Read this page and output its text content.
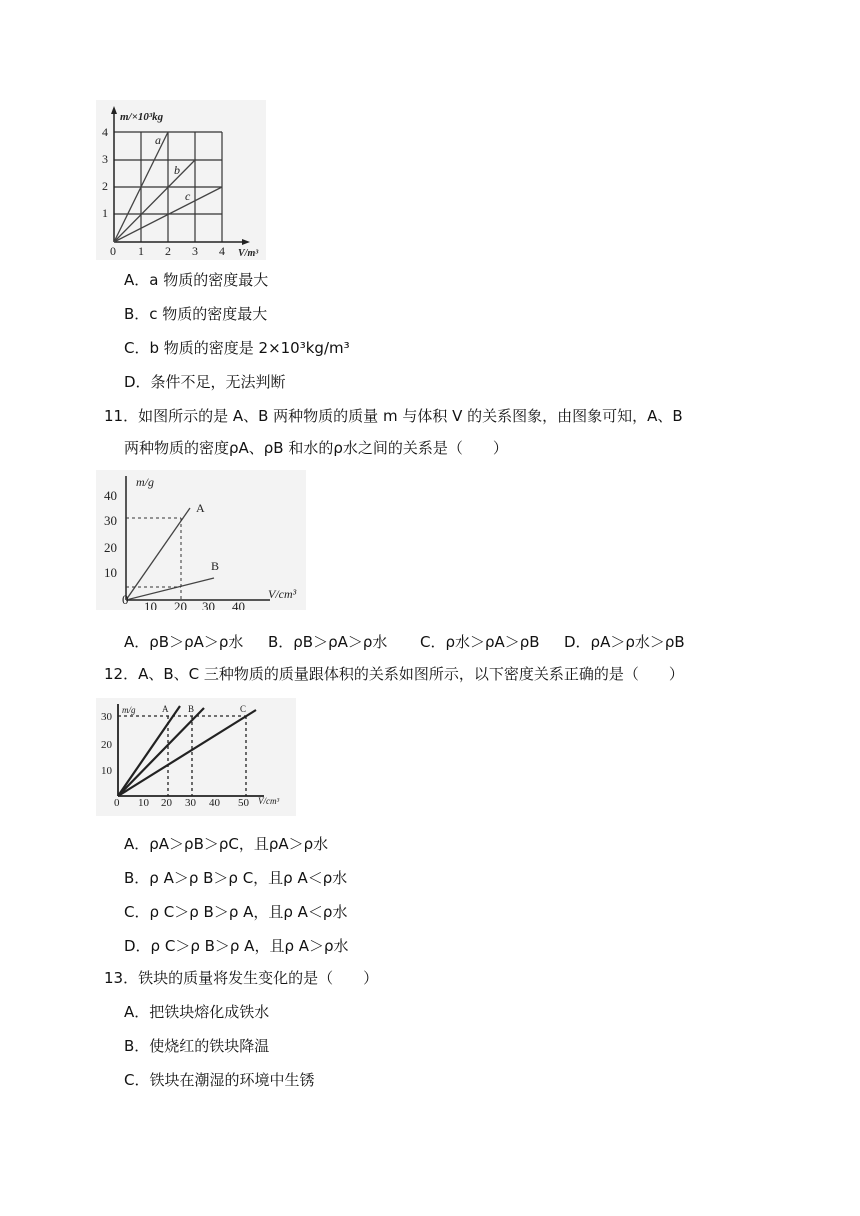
m/×10³kg
4
3
2
1
0 1 2 3 4 V/m³
a
b
c
A．a 物质的密度最大
B．c 物质的密度最大
C．b 物质的密度是 2×10³kg/m³
D．条件不足，无法判断
11．如图所示的是 A、B 两种物质的质量 m 与体积 V 的关系图象，由图象可知，A、B
两种物质的密度ρA、ρB 和水的ρ水之间的关系是（　　）
m/g
40
30
20
10
0 10 20 30 40
V/cm³
A
B
A．ρB＞ρA＞ρ水 B．ρB＞ρA＞ρ水 C．ρ水＞ρA＞ρB D．ρA＞ρ水＞ρB
12．A、B、C 三种物质的质量跟体积的关系如图所示，以下密度关系正确的是（　　）
m/g
30
20
10
0 10 20 30 40 50 V/cm³
A B	C
A．ρA＞ρB＞ρC，且ρA＞ρ水
B．ρ A＞ρ B＞ρ C，且ρ A＜ρ水
C．ρ C＞ρ B＞ρ A，且ρ A＜ρ水
D．ρ C＞ρ B＞ρ A，且ρ A＞ρ水
13．铁块的质量将发生变化的是（　　）
A．把铁块熔化成铁水
B．使烧红的铁块降温
C．铁块在潮湿的环境中生锈
